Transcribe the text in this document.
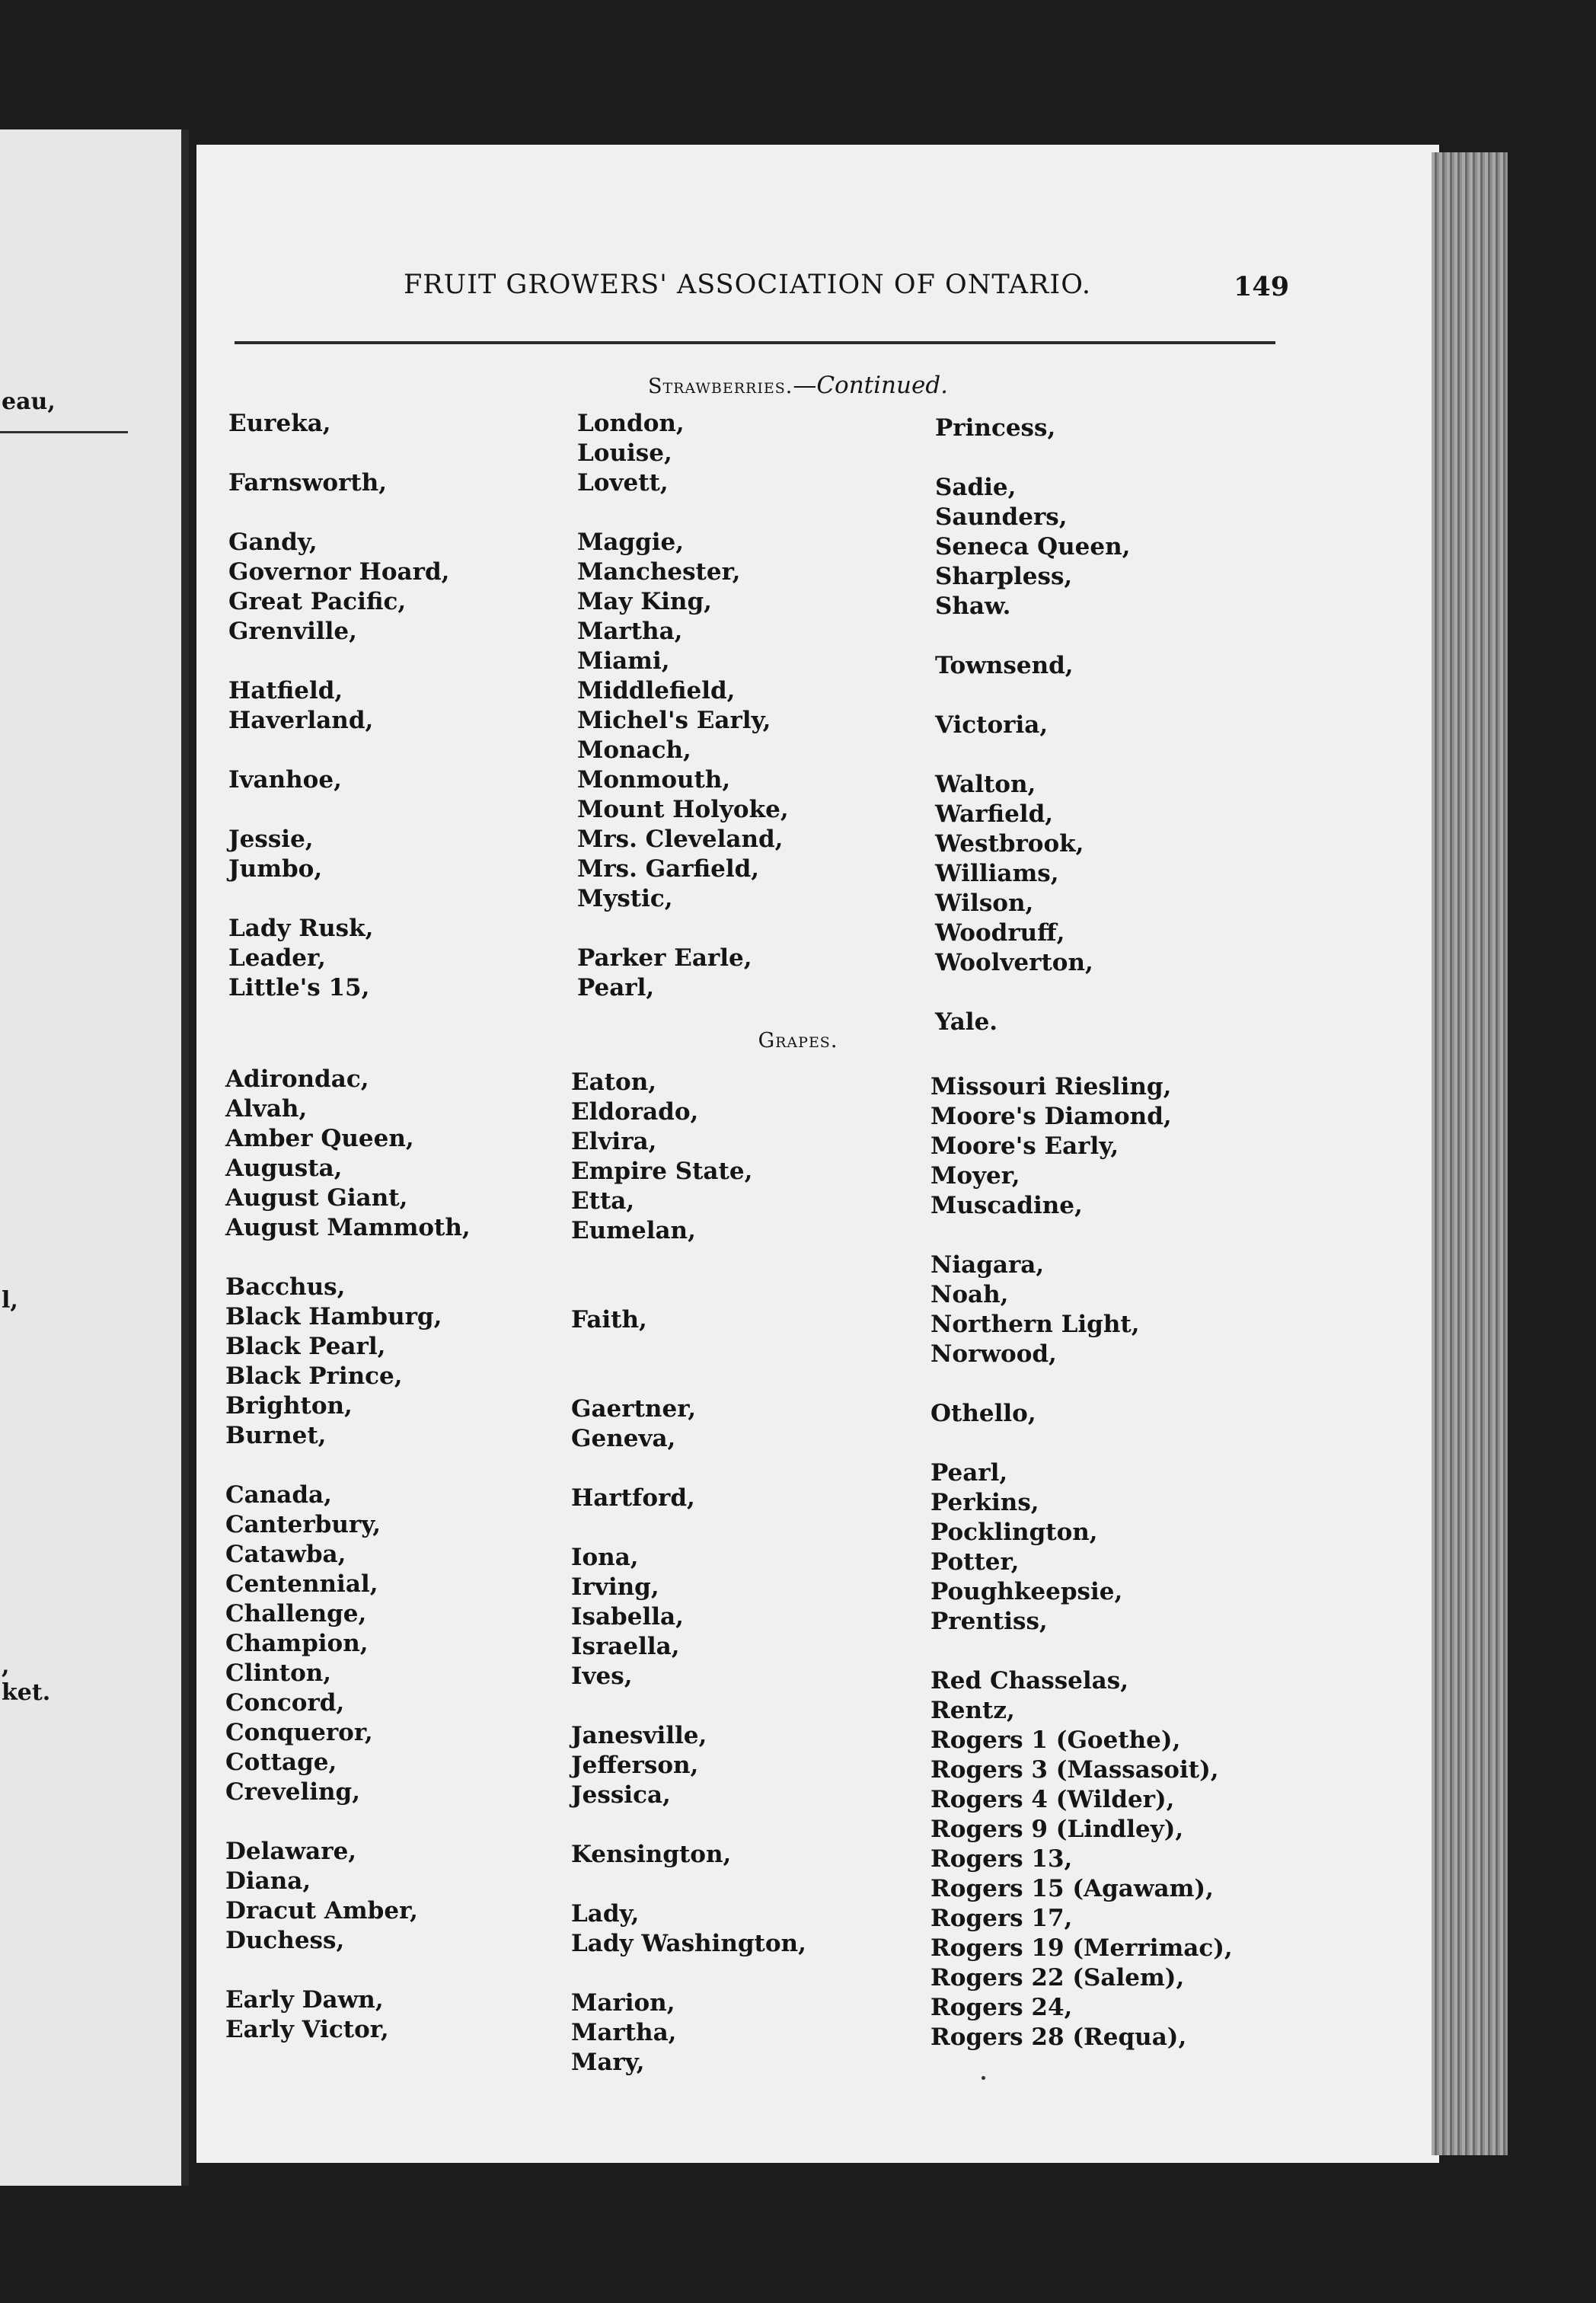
eau,
l,
,
ket.
FRUIT GROWERS' ASSOCIATION OF ONTARIO.	149
Strawberries.—Continued.
Eureka,
Farnsworth,
Gandy,
Governor Hoard,
Great Pacific,
Grenville,
Hatfield,
Haverland,
Ivanhoe,
Jessie,
Jumbo,
Lady Rusk,
Leader,
Little's 15,
London,
Louise,
Lovett,
Maggie,
Manchester,
May King,
Martha,
Miami,
Middlefield,
Michel's Early,
Monach,
Monmouth,
Mount Holyoke,
Mrs. Cleveland,
Mrs. Garfield,
Mystic,
Parker Earle,
Pearl,
Princess,
Sadie,
Saunders,
Seneca Queen,
Sharpless,
Shaw.
Townsend,
Victoria,
Walton,
Warfield,
Westbrook,
Williams,
Wilson,
Woodruff,
Woolverton,
Yale.
Grapes.
Adirondac,
Alvah,
Amber Queen,
Augusta,
August Giant,
August Mammoth,
Bacchus,
Black Hamburg,
Black Pearl,
Black Prince,
Brighton,
Burnet,
Canada,
Canterbury,
Catawba,
Centennial,
Challenge,
Champion,
Clinton,
Concord,
Conqueror,
Cottage,
Creveling,
Delaware,
Diana,
Dracut Amber,
Duchess,
Early Dawn,
Early Victor,
Eaton,
Eldorado,
Elvira,
Empire State,
Etta,
Eumelan,
Faith,
Gaertner,
Geneva,
Hartford,
Iona,
Irving,
Isabella,
Israella,
Ives,
Janesville,
Jefferson,
Jessica,
Kensington,
Lady,
Lady Washington,
Marion,
Martha,
Mary,
Missouri Riesling,
Moore's Diamond,
Moore's Early,
Moyer,
Muscadine,
Niagara,
Noah,
Northern Light,
Norwood,
Othello,
Pearl,
Perkins,
Pocklington,
Potter,
Poughkeepsie,
Prentiss,
Red Chasselas,
Rentz,
Rogers 1 (Goethe),
Rogers 3 (Massasoit),
Rogers 4 (Wilder),
Rogers 9 (Lindley),
Rogers 13,
Rogers 15 (Agawam),
Rogers 17,
Rogers 19 (Merrimac),
Rogers 22 (Salem),
Rogers 24,
Rogers 28 (Requa),
